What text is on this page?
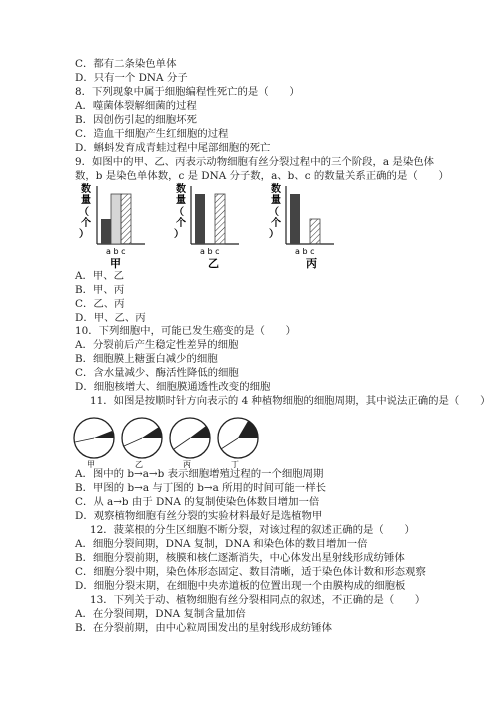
C．都有二条染色单体
D．只有一个 DNA 分子
8．下列现象中属于细胞编程性死亡的是（　　）
A．噬菌体裂解细菌的过程
B．因创伤引起的细胞坏死
C．造血干细胞产生红细胞的过程
D．蝌蚪发育成青蛙过程中尾部细胞的死亡
9．如图中的甲、乙、丙表示动物细胞有丝分裂过程中的三个阶段，a 是染色体
数，b 是染色单体数，c 是 DNA 分子数，a、b、c 的数量关系正确的是（　　）
数
量
（
个
）
a b c
甲
数
量
（
个
）
a b c
乙
数
量
（
个
）
a b c
丙
A．甲、乙
B．甲、丙
C．乙、丙
D．甲、乙、丙
10．下列细胞中，可能已发生癌变的是（　　）
A．分裂前后产生稳定性差异的细胞
B．细胞膜上糖蛋白减少的细胞
C．含水量减少、酶活性降低的细胞
D．细胞核增大、细胞膜通透性改变的细胞
11．如图是按顺时针方向表示的 4 种植物细胞的细胞周期，其中说法正确的是（　　）
甲	乙	丙	丁
A．图中的 b→a→b 表示细胞增殖过程的一个细胞周期
B．甲图的 b→a 与丁图的 b→a 所用的时间可能一样长
C．从 a→b 由于 DNA 的复制使染色体数目增加一倍
D．观察植物细胞有丝分裂的实验材料最好是选植物甲
12．菠菜根的分生区细胞不断分裂，对该过程的叙述正确的是（　　）
A．细胞分裂间期，DNA 复制，DNA 和染色体的数目增加一倍
B．细胞分裂前期，核膜和核仁逐渐消失，中心体发出星射线形成纺锤体
C．细胞分裂中期，染色体形态固定、数目清晰，适于染色体计数和形态观察
D．细胞分裂末期，在细胞中央赤道板的位置出现一个由膜构成的细胞板
13．下列关于动、植物细胞有丝分裂相同点的叙述，不正确的是（　　）
A．在分裂间期，DNA 复制含量加倍
B．在分裂前期，由中心粒周围发出的星射线形成纺锤体
